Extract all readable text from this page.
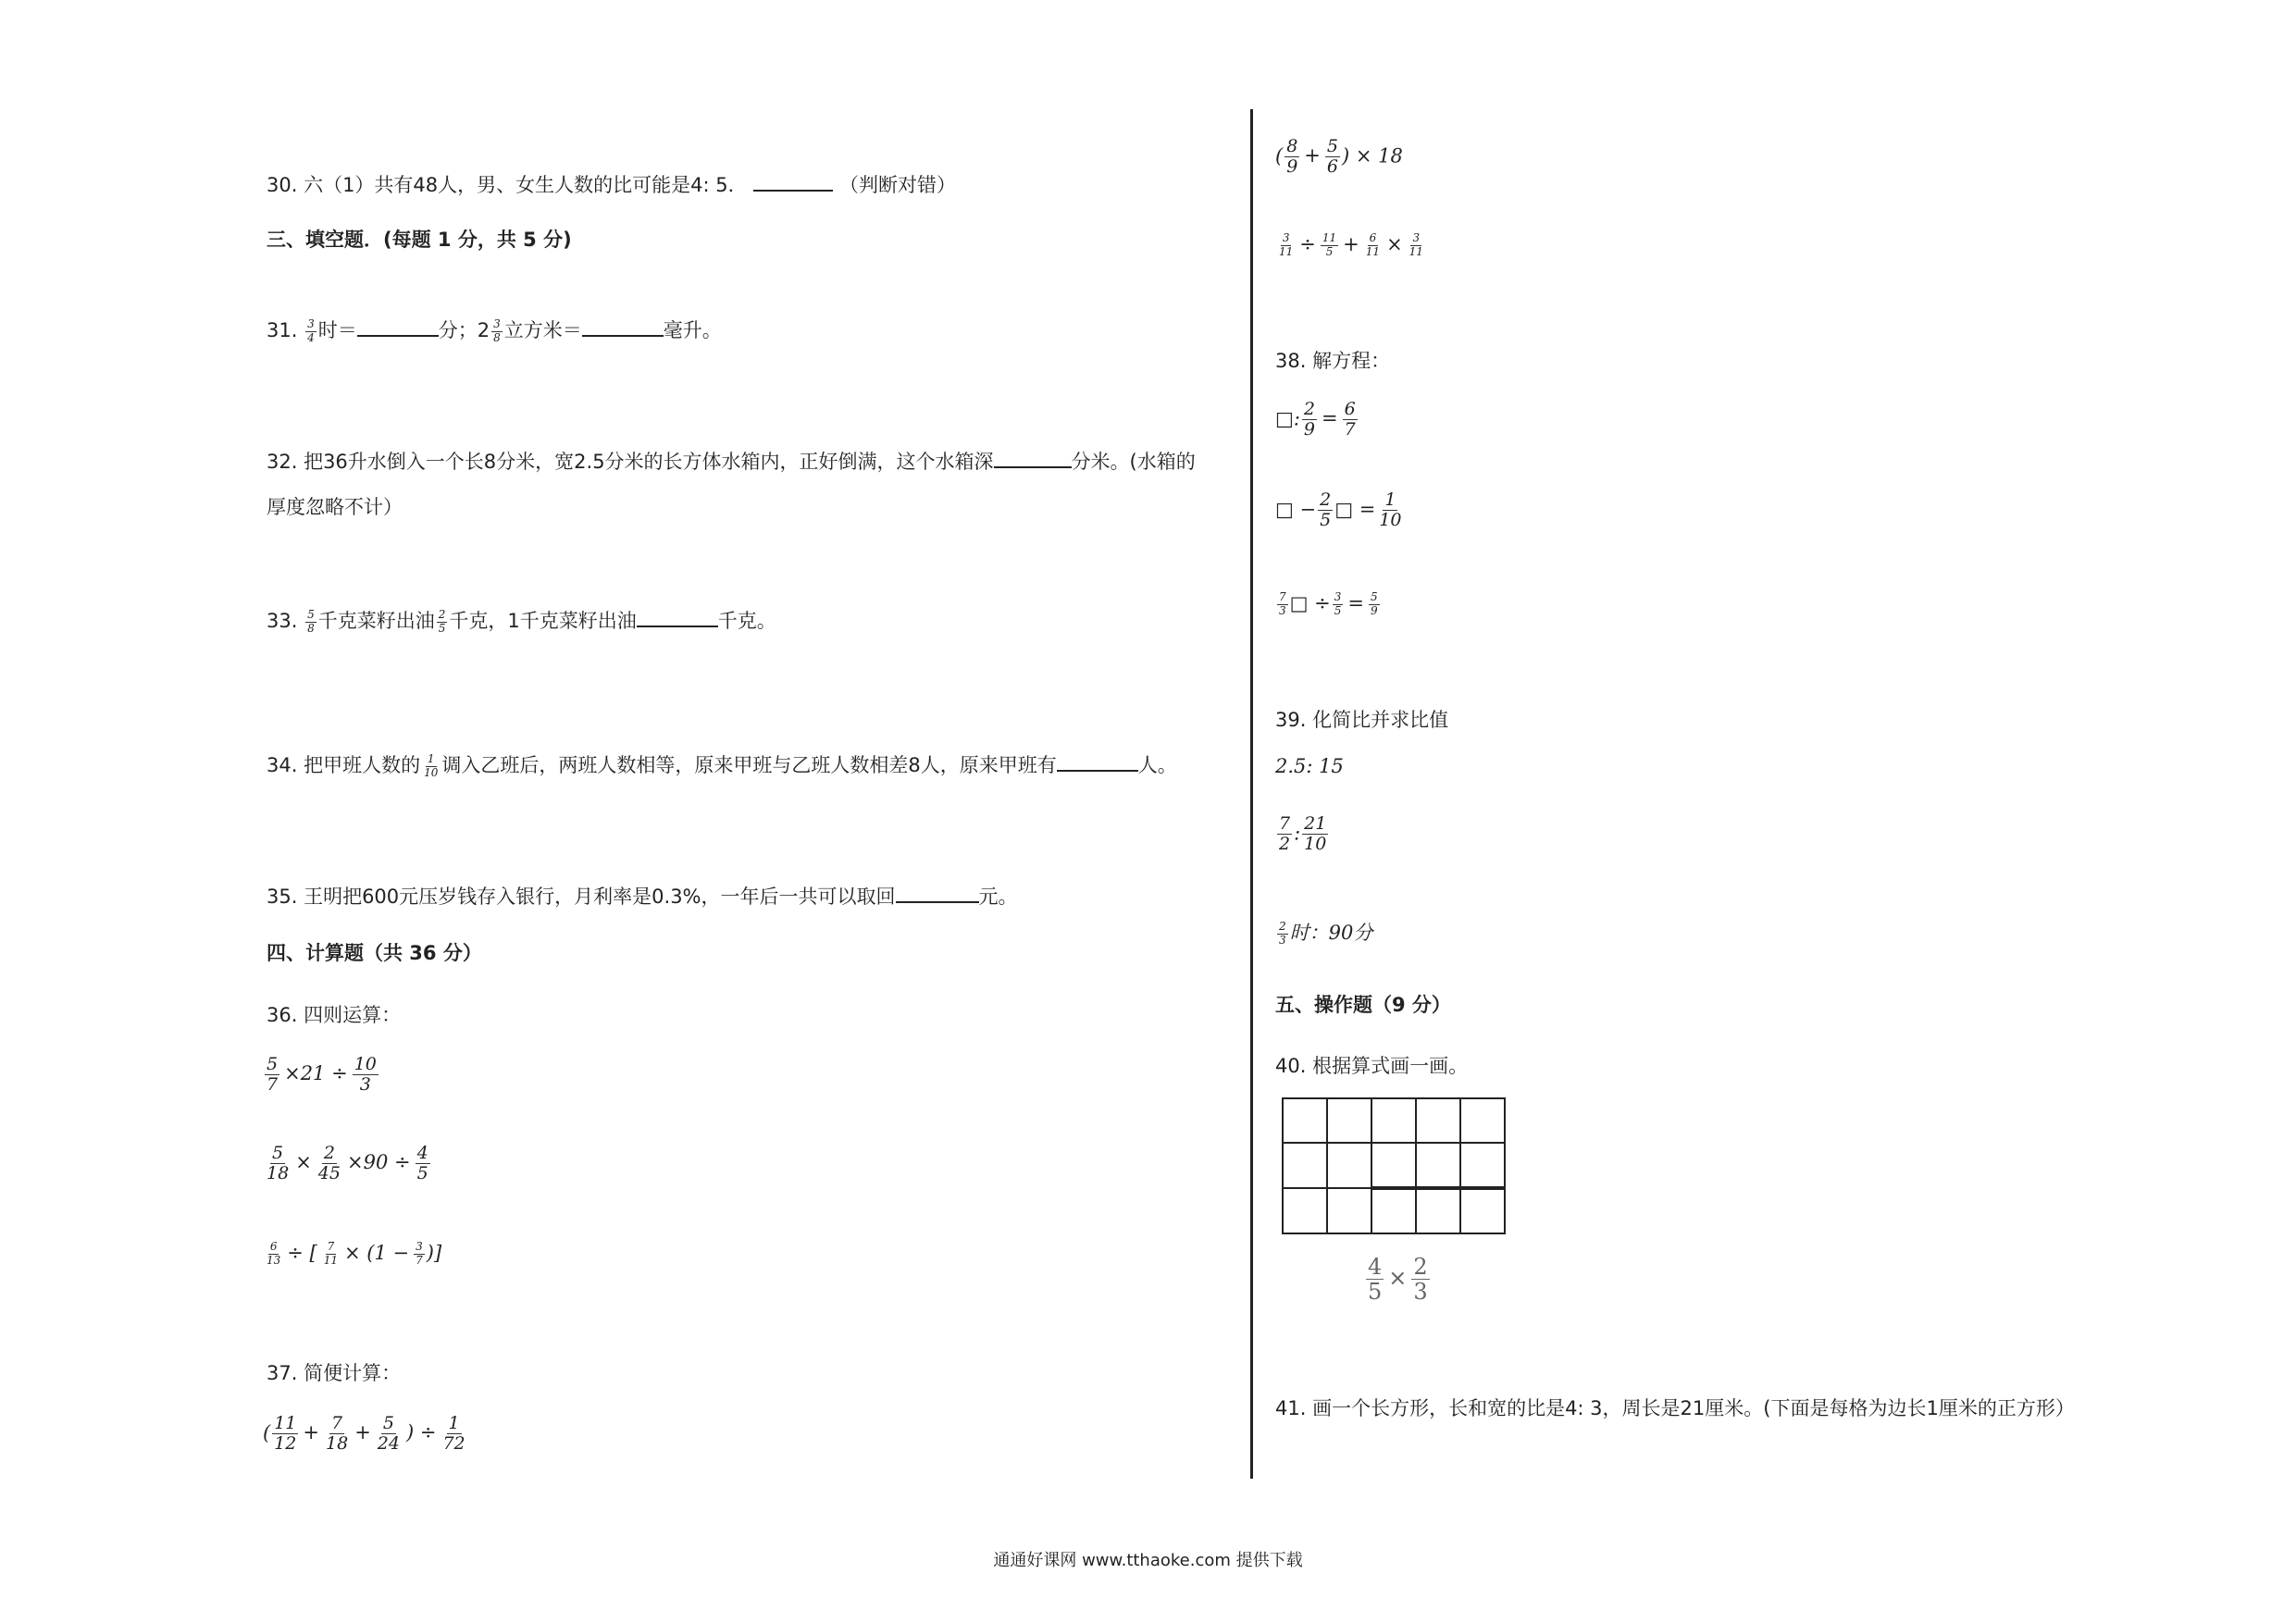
30. 六（1）共有48人，男、女生人数的比可能是4: 5．	（判断对错）
三、填空题．(每题 1 分，共 5 分)
31. $\frac{3}{4}$ 时＝	分；$2 \frac{3}{8}$ 立方米＝	毫升。
32. 把36升水倒入一个长8分米，宽2.5分米的长方体水箱内，正好倒满，这个水箱深	分米。(水箱的
厚度忽略不计）
33. $\frac{5}{8}$ 千克菜籽出油 $\frac{2}{5}$ 千克，1千克菜籽出油	千克。
34. 把甲班人数的 $\frac{1}{10}$ 调入乙班后，两班人数相等，原来甲班与乙班人数相差8人，原来甲班有	人。
35. 王明把600元压岁钱存入银行，月利率是0.3%，一年后一共可以取回	元。
四、计算题（共 36 分）
36. 四则运算：
$\frac{5}{7} \times 21 \div \frac{10}{3}$
$\frac{5}{18} \times \frac{2}{45} \times 90 \div \frac{4}{5}$
$\frac{6}{13}$ ÷ [ $\frac{7}{11} \times (1 - \frac{3}{7}$ )]
37. 简便计算：
( $\frac{11}{12} + \frac{7}{18} + \frac{5}{24}$ ) ÷ $\frac{1}{72}$
( $\frac{8}{9} + \frac{5}{6}$ ) × 18
$\frac{3}{11} \div \frac{11}{5} + \frac{6}{11} \times \frac{3}{11}$
38. 解方程：
□: $\frac{2}{9} = \frac{6}{7}$
□ − $\frac{2}{5}$ □ = $\frac{1}{10}$
$\frac{7}{3}$ □ ÷ $\frac{3}{5} = \frac{5}{9}$
39. 化简比并求比值
2.5: 15
$\frac{7}{2}$ : $\frac{21}{10}$
$\frac{2}{3}$ 时：90分
五、操作题（9 分）
40. 根据算式画一画。

$\frac{4}{5} \times \frac{2}{3}$
41. 画一个长方形，长和宽的比是4: 3，周长是21厘米。(下面是每格为边长1厘米的正方形）
通通好课网 www.tthaoke.com 提供下载
